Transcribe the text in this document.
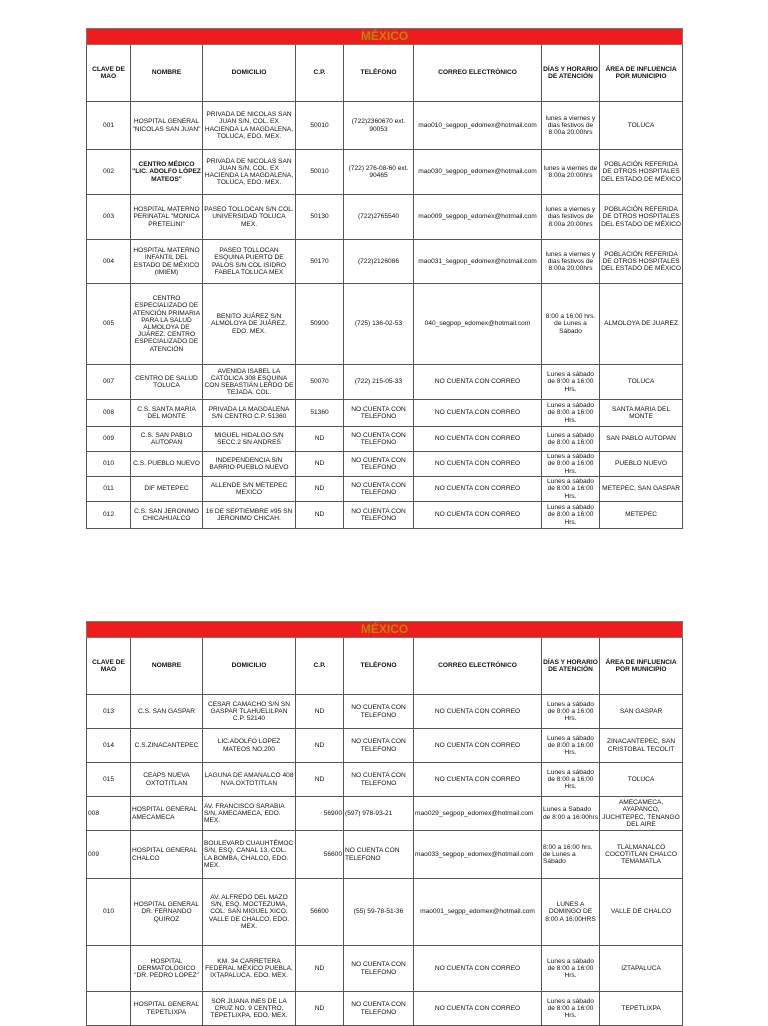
MÉXICO							
CLAVE DE MAO	NOMBRE	DOMICILIO	C.P.	TELÉFONO	CORREO ELECTRÓNICO	DÍAS Y HORARIO DE ATENCIÓN	ÁREA DE INFLUENCIA POR MUNICIPIO
001	HOSPITAL GENERAL "NICOLAS SAN JUAN"	PRIVADA DE NICOLAS SAN JUAN S/N, COL. EX HACIENDA LA MAGDALENA, TOLUCA, EDO. MEX.	50010	(722)2360670 ext. 90053	mao010_segpop_edomex@hotmail.com	lunes a viernes y dias festivos de 8:00a 20:00hrs	TOLUCA
002	CENTRO MÉDICO "LIC. ADOLFO LÓPEZ MATEOS"	PRIVADA DE NICOLAS SAN JUAN S/N, COL. EX HACIENDA LA MAGDALENA, TOLUCA, EDO. MEX.	50010	(722) 276-08-60 ext. 90465	mao030_segpop_edomex@hotmail.com	lunes a viernes de 8:00a 20:00hrs	POBLACIÓN REFERIDA DE OTROS HOSPITALES DEL ESTADO DE MÉXICO
003	HOSPITAL MATERNO PERINATAL "MONICA PRETELINI"	PASEO TOLLOCAN S/N COL. UNIVERSIDAD TOLUCA MEX.	50130	(722)2765540	mao009_segpop_edomex@hotmail.com	lunes a viernes y dias festivos de 8:00a 20:00hrs	POBLACIÓN REFERIDA DE OTROS HOSPITALES DEL ESTADO DE MÉXICO
004	HOSPITAL MATERNO INFANTIL DEL ESTADO DE MÉXICO (IMIEM)	PASEO TOLLOCAN ESQUINA PUERTO DE PALOS S/N COL ISIDRO FABELA TOLUCA MEX	50170	(722)2126086	mao031_segpop_edomex@hotmail.com	lunes a viernes y dias festivos de 8:00a 20:00hrs	POBLACIÓN REFERIDA DE OTROS HOSPITALES DEL ESTADO DE MÉXICO
005	CENTRO ESPECIALIZADO DE ATENCIÓN PRIMARIA PARA LA SALUD ALMOLOYA DE JUÁREZ. CENTRO ESPECIALIZADO DE ATENCIÓN	BENITO JUÁREZ S/N ALMOLOYA DE JUÁREZ, EDO. MEX.	50900	(725) 136-02-53	040_segpop_edomex@hotmail.com	8:00 a 16:00 hrs. de Lunes a Sábado	ALMOLOYA DE JUAREZ
007	CENTRO DE SALUD TOLUCA	AVENIDA ISABEL LA CATÓLICA 308 ESQUINA CON SEBASTIÁN LERDO DE TEJADA. COL.	50070	(722) 215-05-33	NO CUENTA CON CORREO	Lunes a sábado de 8:00 a 16:00 Hrs.	TOLUCA
008	C.S. SANTA MARIA DEL MONTE	PRIVADA LA MAGDALENA S/N CENTRO C.P. 51360	51360	NO CUENTA CON TELEFONO	NO CUENTA CON CORREO	Lunes a sábado de 8:00 a 16:00 Hrs.	SANTA MARIA DEL MONTE
009	C.S. SAN PABLO AUTOPAN	MIGUEL HIDALGO S/N SECC.2 SN ANDRES	ND	NO CUENTA CON TELEFONO	NO CUENTA CON CORREO	Lunes a sábado de 8:00 a 16:00	SAN PABLO AUTOPAN
010	C.S. PUEBLO NUEVO	INDEPENDENCIA S/N BARRIO PUEBLO NUEVO	ND	NO CUENTA CON TELEFONO	NO CUENTA CON CORREO	Lunes a sábado de 8:00 a 16:00 Hrs.	PUEBLO NUEVO
011	DIF METEPEC	ALLENDE S/N METEPEC MEXICO	ND	NO CUENTA CON TELEFONO	NO CUENTA CON CORREO	Lunes a sábado de 8:00 a 16:00 Hrs.	METEPEC, SAN GASPAR
012	C.S. SAN JERONIMO CHICAHUALCO	16 DE SEPTIEMBRE #95 SN JERONIMO CHICAH.	ND	NO CUENTA CON TELEFONO	NO CUENTA CON CORREO	Lunes a sábado de 8:00 a 16:00 Hrs.	METEPEC
MÉXICO							
CLAVE DE MAO	NOMBRE	DOMICILIO	C.P.	TELÉFONO	CORREO ELECTRÓNICO	DÍAS Y HORARIO DE ATENCIÓN	ÁREA DE INFLUENCIA POR MUNICIPIO
013	C.S. SAN GASPAR	CESAR CAMACHO S/N SN GASPAR TLAHUELILPAN C.P. 52140	ND	NO CUENTA CON TELEFONO	NO CUENTA CON CORREO	Lunes a sábado de 8:00 a 16:00 Hrs.	SAN GASPAR
014	C.S.ZINACANTEPEC	LIC.ADOLFO LOPEZ MATEOS NO.200	ND	NO CUENTA CON TELEFONO	NO CUENTA CON CORREO	Lunes a sábado de 8:00 a 16:00 Hrs.	ZINACANTEPEC, SAN CRISTOBAL TECOLIT
015	CEAPS NUEVA OXTOTITLAN	LAGUNA DE AMANALCO 408 NVA.OXTOTITLAN	ND	NO CUENTA CON TELEFONO	NO CUENTA CON CORREO	Lunes a sábado de 8:00 a 16:00 Hrs.	TOLUCA
008	HOSPITAL GENERAL AMECAMECA	AV. FRANCISCO SARABIA S/N, AMECAMECA, EDO. MEX.	56900	(597) 978-93-21	mao029_segpop_edomex@hotmail.com	Lunes a Sabado de 8:00 a 16:00hrs	AMECAMECA, AYAPANCO, JUCHITEPEC, TENANGO DEL AIRE
009	HOSPITAL GENERAL CHALCO	BOULEVARD CUAUHTÉMOC S/N, ESQ. CANAL 13, COL. LA BOMBA, CHALCO, EDO. MEX.	56600	NO CUENTA CON TELEFONO	mao033_segpop_edomex@hotmail.com	8:00 a 16:00 hrs. de Lunes a Sábado	TLALMANALCO COCOTITLAN CHALCO TEMAMATLA
010	HOSPITAL GENERAL DR. FERNANDO QUIROZ	AV. ALFREDO DEL MAZO S/N, ESQ. MOCTEZUMA, COL. SAN MIGUEL XICO, VALLE DE CHALCO, EDO. MEX.	56600	(55) 59-78-51-36	mao001_segpp_edomex@hotmail.com	LUNES A DOMINGO DE 8:00 A 16:00HRS	VALLE DE CHALCO
	HOSPITAL DERMATOLOGICO "DR. PEDRO LOPEZ"	KM. 34 CARRETERA FEDERAL MÉXICO PUEBLA, IXTAPALUCA, EDO. MEX.	ND	NO CUENTA CON TELEFONO	NO CUENTA CON CORREO	Lunes a sábado de 8:00 a 16:00 Hrs.	IZTAPALUCA
	HOSPITAL GENERAL TEPETLIXPA	SOR JUANA INES DE LA CRUZ NO. 9 CENTRO, TEPETLIXPA, EDO. MEX.	ND	NO CUENTA CON TELEFONO	NO CUENTA CON CORREO	Lunes a sábado de 8:00 a 16:00 Hrs.	TEPETLIXPA
